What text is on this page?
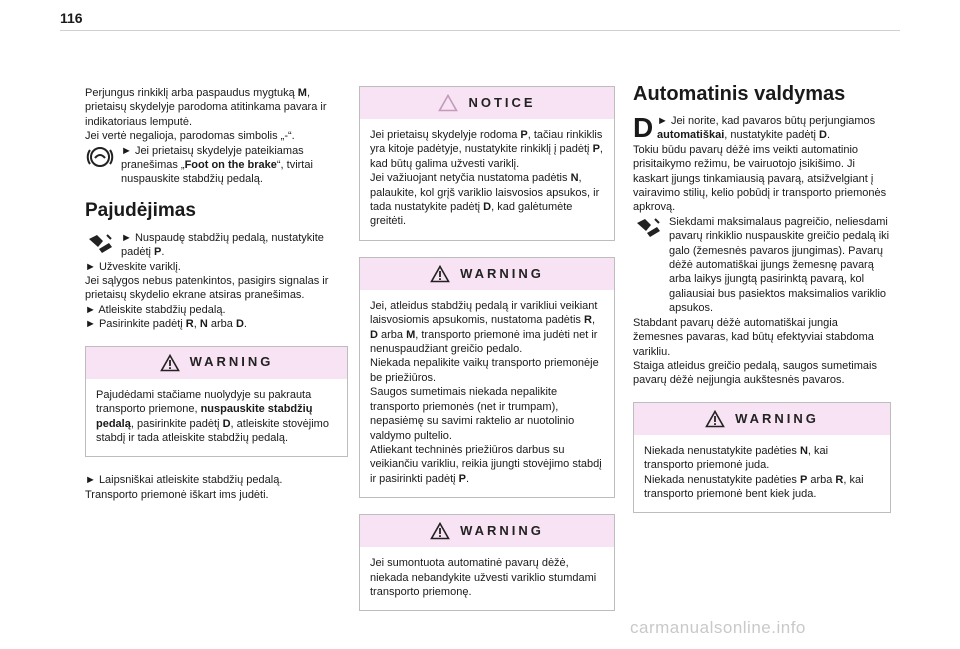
116

Perjungus rinkiklį arba paspaudus mygtuką M, prietaisų skydelyje parodoma atitinkama pavara ir indikatoriaus lemputė.

Jei vertė negalioja, parodomas simbolis „-“.

► Jei prietaisų skydelyje pateikiamas pranešimas „Foot on the brake“, tvirtai nuspauskite stabdžių pedalą.

Pajudėjimas

► Nuspaudę stabdžių pedalą, nustatykite padėtį P.

► Užveskite variklį.

Jei sąlygos nebus patenkintos, pasigirs signalas ir prietaisų skydelio ekrane atsiras pranešimas.

► Atleiskite stabdžių pedalą.

► Pasirinkite padėtį R, N arba D.

WARNING

Pajudėdami stačiame nuolydyje su pakrauta transporto priemone, nuspauskite stabdžių pedalą, pasirinkite padėtį D, atleiskite stovėjimo stabdį ir tada atleiskite stabdžių pedalą.

► Laipsniškai atleiskite stabdžių pedalą.

Transporto priemonė iškart ims judėti.

NOTICE

Jei prietaisų skydelyje rodoma P, tačiau rinkiklis yra kitoje padėtyje, nustatykite rinkiklį į padėtį P, kad būtų galima užvesti variklį.

Jei važiuojant netyčia nustatoma padėtis N, palaukite, kol grįš variklio laisvosios apsukos, ir tada nustatykite padėtį D, kad galėtumėte greitėti.

WARNING

Jei, atleidus stabdžių pedalą ir varikliui veikiant laisvosiomis apsukomis, nustatoma padėtis R, D arba M, transporto priemonė ima judėti net ir nenuspaudžiant greičio pedalo.

Niekada nepalikite vaikų transporto priemonėje be priežiūros.

Saugos sumetimais niekada nepalikite transporto priemonės (net ir trumpam), nepasiėmę su savimi raktelio ar nuotolinio valdymo pultelio.

Atliekant techninės priežiūros darbus su veikiančiu varikliu, reikia įjungti stovėjimo stabdį ir pasirinkti padėtį P.

WARNING

Jei sumontuota automatinė pavarų dėžė, niekada nebandykite užvesti variklio stumdami transporto priemonę.

Automatinis valdymas
D ► Jei norite, kad pavaros būtų perjungiamos automatiškai, nustatykite padėtį D.

Tokiu būdu pavarų dėžė ims veikti automatinio prisitaikymo režimu, be vairuotojo įsikišimo. Ji kaskart įjungs tinkamiausią pavarą, atsižvelgiant į vairavimo stilių, kelio pobūdį ir transporto priemonės apkrovą.

Siekdami maksimalaus pagreičio, neliesdami pavarų rinkiklio nuspauskite greičio pedalą iki galo (žemesnės pavaros įjungimas). Pavarų dėžė automatiškai įjungs žemesnę pavarą arba laikys įjungtą pasirinktą pavarą, kol galiausiai bus pasiektos maksimalios variklio apsukos.

Stabdant pavarų dėžė automatiškai jungia žemesnes pavaras, kad būtų efektyviai stabdoma varikliu.

Staiga atleidus greičio pedalą, saugos sumetimais pavarų dėžė neįjungia aukštesnės pavaros.

WARNING

Niekada nenustatykite padėties N, kai transporto priemonė juda.

Niekada nenustatykite padėties P arba R, kai transporto priemonė bent kiek juda.

carmanualsonline.info
